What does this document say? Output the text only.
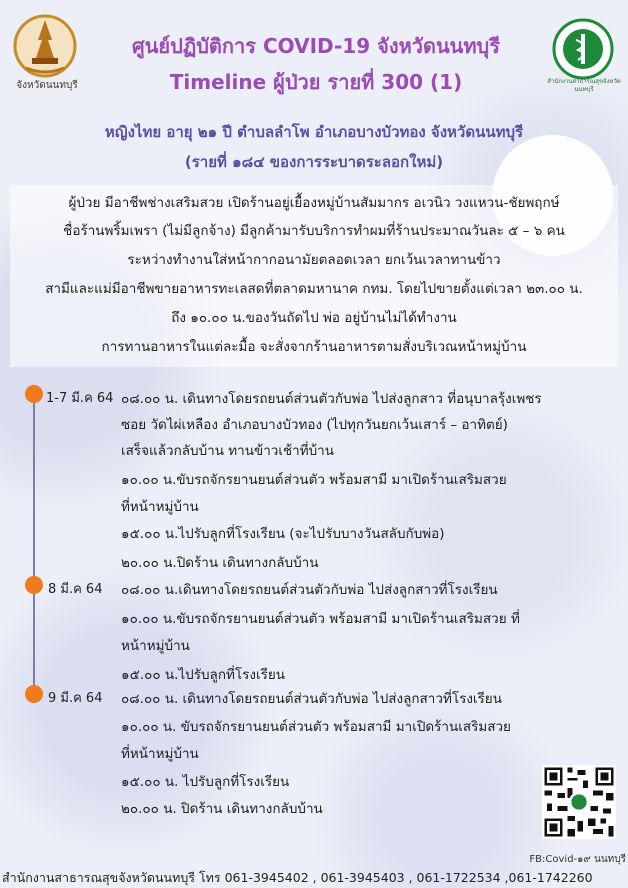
จังหวัดนนทบุรี	สำนักงานสาธารณสุขจังหวัดนนทบุรี
ศูนย์ปฏิบัติการ COVID-19 จังหวัดนนทบุรี
Timeline ผู้ป่วย รายที่ 300 (1)
หญิงไทย อายุ ๒๑ ปี ตำบลลำโพ อำเภอบางบัวทอง จังหวัดนนทบุรี
(รายที่ ๑๘๔ ของการระบาดระลอกใหม่)
ผู้ป่วย มีอาชีพช่างเสริมสวย เปิดร้านอยู่เยื้องหมู่บ้านสัมมากร อเวนิว วงแหวน-ชัยพฤกษ์
ชื่อร้านพริ้มเพรา (ไม่มีลูกจ้าง) มีลูกค้ามารับบริการทำผมที่ร้านประมาณวันละ ๕ – ๖ คน
ระหว่างทำงานใส่หน้ากากอนามัยตลอดเวลา ยกเว้นเวลาทานข้าว
สามีและแม่มีอาชีพขายอาหารทะเลสดที่ตลาดมหานาค กทม. โดยไปขายตั้งแต่เวลา ๒๓.๐๐ น.
ถึง ๑๐.๐๐ น.ของวันถัดไป พ่อ อยู่บ้านไม่ได้ทำงาน
การทานอาหารในแต่ละมื้อ จะสั่งจากร้านอาหารตามสั่งบริเวณหน้าหมู่บ้าน
1-7 มี.ค 64 ๐๘.๐๐ น. เดินทางโดยรถยนต์ส่วนตัวกับพ่อ ไปส่งลูกสาว ที่อนุบาลรุ้งเพชร
ซอย วัดไผ่เหลือง อำเภอบางบัวทอง (ไปทุกวันยกเว้นเสาร์ – อาทิตย์)
เสร็จแล้วกลับบ้าน ทานข้าวเช้าที่บ้าน
๑๐.๐๐ น.ขับรถจักรยานยนต์ส่วนตัว พร้อมสามี มาเปิดร้านเสริมสวย
ที่หน้าหมู่บ้าน
๑๕.๐๐ น.ไปรับลูกที่โรงเรียน (จะไปรับบางวันสลับกับพ่อ)
๒๐.๐๐ น.ปิดร้าน เดินทางกลับบ้าน
8 มี.ค 64 ๐๘.๐๐ น.เดินทางโดยรถยนต์ส่วนตัวกับพ่อ ไปส่งลูกสาวที่โรงเรียน
๑๐.๐๐ น.ขับรถจักรยานยนต์ส่วนตัว พร้อมสามี มาเปิดร้านเสริมสวย ที่
หน้าหมู่บ้าน
๑๕.๐๐ น.ไปรับลูกที่โรงเรียน
9 มี.ค 64 ๐๘.๐๐ น. เดินทางโดยรถยนต์ส่วนตัวกับพ่อ ไปส่งลูกสาวที่โรงเรียน
๑๐.๐๐ น. ขับรถจักรยานยนต์ส่วนตัว พร้อมสามี มาเปิดร้านเสริมสวย
ที่หน้าหมู่บ้าน
๑๕.๐๐ น. ไปรับลูกที่โรงเรียน
๒๐.๐๐ น. ปิดร้าน เดินทางกลับบ้าน
FB:Covid-๑๙ นนทบุรี
สำนักงานสาธารณสุขจังหวัดนนทบุรี โทร 061-3945402 , 061-3945403 , 061-1722534 ,061-1742260
